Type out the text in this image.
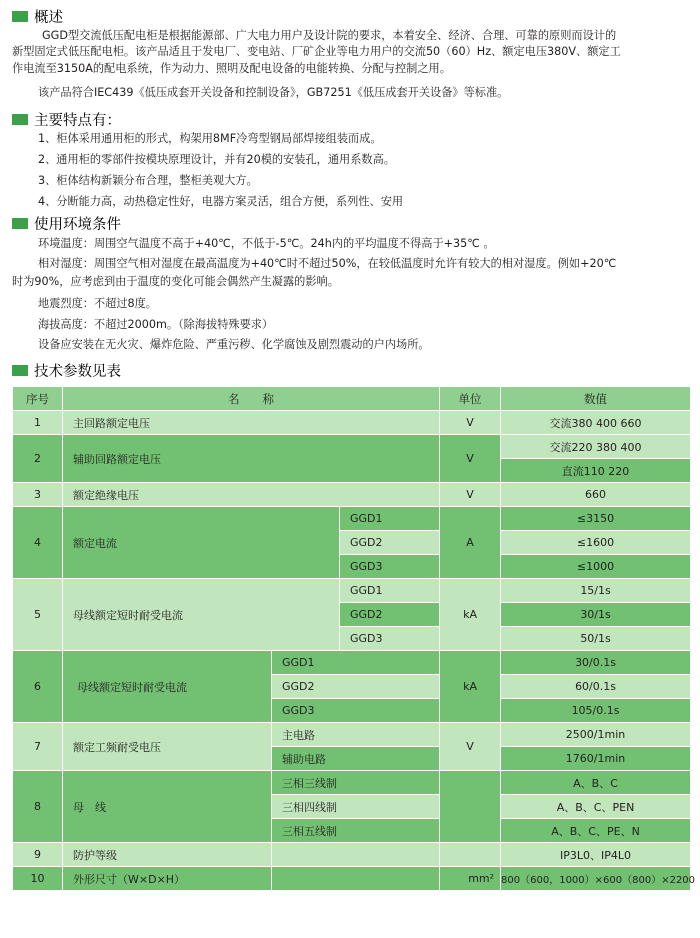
概述
GGD型交流低压配电柜是根据能源部、广大电力用户及设计院的要求，本着安全、经济、合理、可靠的原则而设计的
新型固定式低压配电柜。该产品适且于发电厂、变电站、厂矿企业等电力用户的交流50（60）Hz、额定电压380V、额定工
作电流至3150A的配电系统，作为动力、照明及配电设备的电能转换、分配与控制之用。
该产品符合IEC439《低压成套开关设备和控制设备》，GB7251《低压成套开关设备》等标准。
主要特点有：
1、柜体采用通用柜的形式，构架用8MF冷弯型钢局部焊接组装而成。
2、通用柜的零部件按模块原理设计，并有20模的安装孔，通用系数高。
3、柜体结构新颖分布合理，整柜美观大方。
4、分断能力高，动热稳定性好，电器方案灵活，组合方便，系列性、安用
使用环境条件
环境温度：周围空气温度不高于+40℃，不低于-5℃。24h内的平均温度不得高于+35℃ 。
相对湿度：周围空气相对湿度在最高温度为+40℃时不超过50%，在较低温度时允许有较大的相对湿度。例如+20℃
时为90%，应考虑到由于温度的变化可能会偶然产生凝露的影响。
地震烈度：不超过8度。
海拔高度：不超过2000m。（除海拔特殊要求）
设备应安装在无火灾、爆炸危险、严重污秽、化学腐蚀及剧烈震动的户内场所。
技术参数见表
序号	名　　称			单位	数值
1	主回路额定电压			V	交流380 400 660
2	辅助回路额定电压			V	交流220 380 400
					直流110 220
3	额定绝缘电压			V	660
4	额定电流		GGD1	A	≤3150
			GGD2		≤1600
			GGD3		≤1000
5	母线额定短时耐受电流		GGD1	kA	15/1s
			GGD2		30/1s
			GGD3		50/1s
6	母线额定短时耐受电流	GGD1		kA	30/0.1s
		GGD2			60/0.1s
		GGD3			105/0.1s
7	额定工频耐受电压	主电路		V	2500/1min
		辅助电路			1760/1min
8	母　线	三相三线制			A、B、C
		三相四线制			A、B、C、PEN
		三相五线制			A、B、C、PE、N
9	防护等级				IP3L0、IP4L0
10	外形尺寸（W×D×H）			mm²	800（600，1000）×600（800）×2200
